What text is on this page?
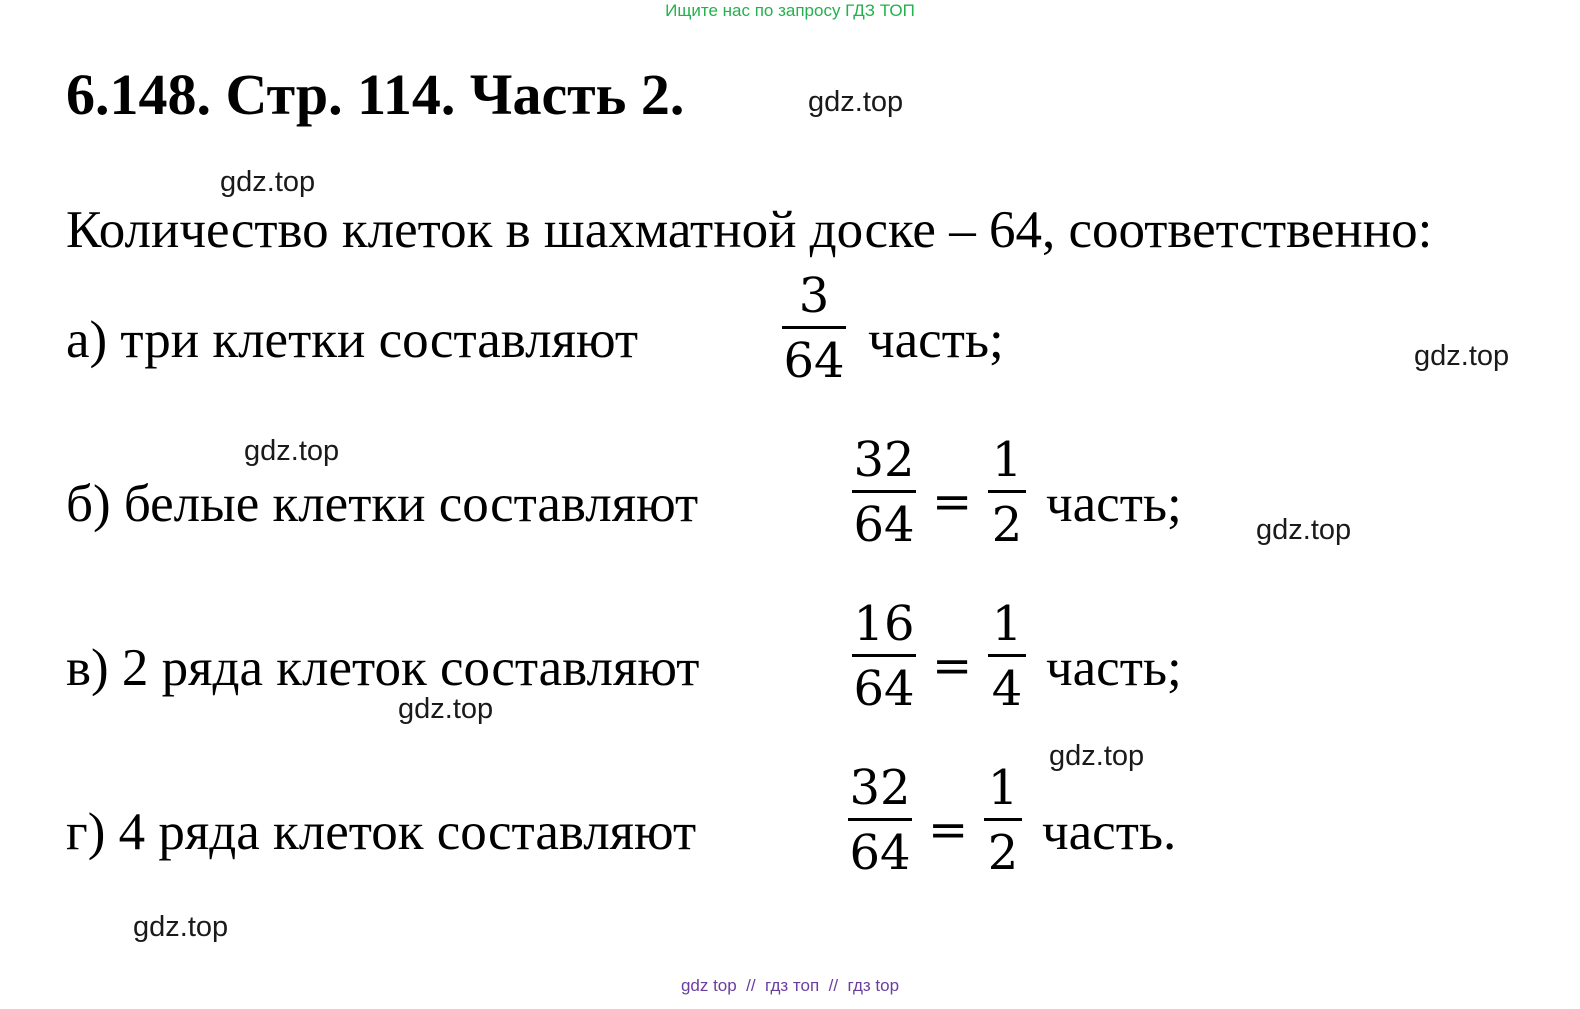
Ищите нас по запросу ГДЗ ТОП
6.148. Стр. 114. Часть 2.	gdz.top
gdz.top
gdz.top
gdz.top
gdz.top
gdz.top
gdz.top
gdz.top
Количество клеток в шахматной доске – 64, соответственно:
а) три клетки составляют
3
64 часть;
б) белые клетки составляют
32
64 =
1
2 часть;
в) 2 ряда клеток составляют
16
64 =
1
4 часть;
г) 4 ряда клеток составляют
32
64 =
1
2 часть.
gdz top  //  гдз топ  //  гдз top
